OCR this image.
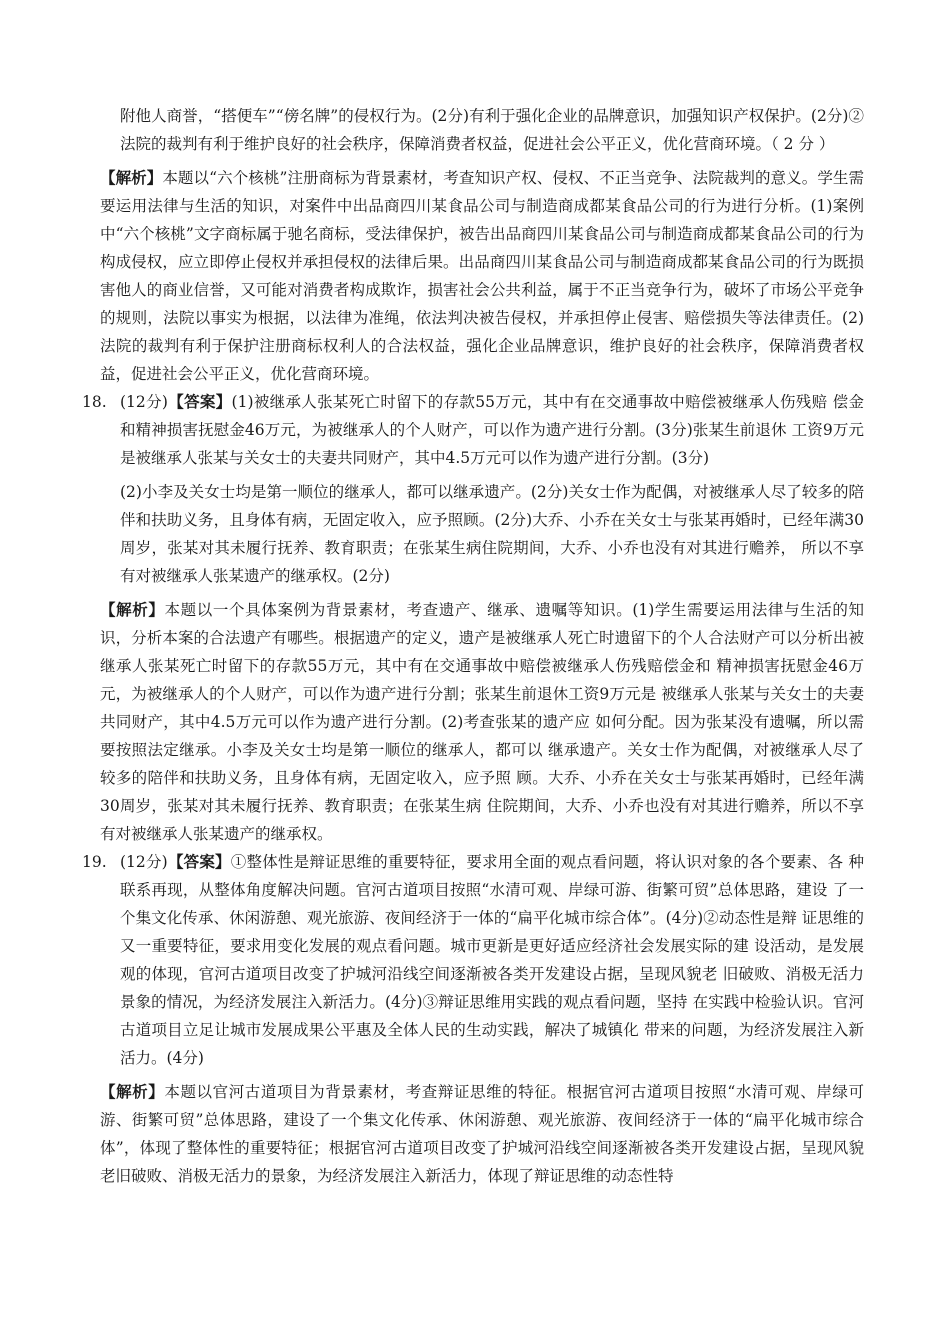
附他人商誉，“搭便车”“傍名牌”的侵权行为。(2分)有利于强化企业的品牌意识，加强知识产权保护。(2分)②法院的裁判有利于维护良好的社会秩序，保障消费者权益，促进社会公平正义，优化营商环境。（ 2 分 ）

【解析】本题以“六个核桃”注册商标为背景素材，考查知识产权、侵权、不正当竞争、法院裁判的意义。学生需要运用法律与生活的知识，对案件中出品商四川某食品公司与制造商成都某食品公司的行为进行分析。(1)案例中“六个核桃”文字商标属于驰名商标，受法律保护，被告出品商四川某食品公司与制造商成都某食品公司的行为构成侵权，应立即停止侵权并承担侵权的法律后果。出品商四川某食品公司与制造商成都某食品公司的行为既损害他人的商业信誉，又可能对消费者构成欺诈，损害社会公共利益，属于不正当竞争行为，破坏了市场公平竞争的规则，法院以事实为根据，以法律为准绳，依法判决被告侵权，并承担停止侵害、赔偿损失等法律责任。(2)法院的裁判有利于保护注册商标权利人的合法权益，强化企业品牌意识，维护良好的社会秩序，保障消费者权益，促进社会公平正义，优化营商环境。

18. (12分)【答案】(1)被继承人张某死亡时留下的存款55万元，其中有在交通事故中赔偿被继承人伤残赔 偿金和精神损害抚慰金46万元，为被继承人的个人财产，可以作为遗产进行分割。(3分)张某生前退休 工资9万元是被继承人张某与关女士的夫妻共同财产，其中4.5万元可以作为遗产进行分割。(3分)

(2)小李及关女士均是第一顺位的继承人，都可以继承遗产。(2分)关女士作为配偶，对被继承人尽了较多的陪伴和扶助义务，且身体有病，无固定收入，应予照顾。(2分)大乔、小乔在关女士与张某再婚时，已经年满30周岁，张某对其未履行抚养、教育职责；在张某生病住院期间，大乔、小乔也没有对其进行赡养， 所以不享有对被继承人张某遗产的继承权。(2分)

【解析】本题以一个具体案例为背景素材，考查遗产、继承、遗嘱等知识。(1)学生需要运用法律与生活的知识，分析本案的合法遗产有哪些。根据遗产的定义，遗产是被继承人死亡时遗留下的个人合法财产可以分析出被继承人张某死亡时留下的存款55万元，其中有在交通事故中赔偿被继承人伤残赔偿金和 精神损害抚慰金46万元，为被继承人的个人财产，可以作为遗产进行分割；张某生前退休工资9万元是 被继承人张某与关女士的夫妻共同财产，其中4.5万元可以作为遗产进行分割。(2)考查张某的遗产应 如何分配。因为张某没有遗嘱，所以需要按照法定继承。小李及关女士均是第一顺位的继承人，都可以 继承遗产。关女士作为配偶，对被继承人尽了较多的陪伴和扶助义务，且身体有病，无固定收入，应予照 顾。大乔、小乔在关女士与张某再婚时，已经年满30周岁，张某对其未履行抚养、教育职责；在张某生病 住院期间，大乔、小乔也没有对其进行赡养，所以不享有对被继承人张某遗产的继承权。

19. (12分)【答案】①整体性是辩证思维的重要特征，要求用全面的观点看问题，将认识对象的各个要素、各 种联系再现，从整体角度解决问题。官河古道项目按照“水清可观、岸绿可游、街繁可贸”总体思路，建设 了一个集文化传承、休闲游憩、观光旅游、夜间经济于一体的“扁平化城市综合体”。(4分)②动态性是辩 证思维的又一重要特征，要求用变化发展的观点看问题。城市更新是更好适应经济社会发展实际的建 设活动，是发展观的体现，官河古道项目改变了护城河沿线空间逐渐被各类开发建设占据，呈现风貌老 旧破败、消极无活力景象的情况，为经济发展注入新活力。(4分)③辩证思维用实践的观点看问题，坚持 在实践中检验认识。官河古道项目立足让城市发展成果公平惠及全体人民的生动实践，解决了城镇化 带来的问题，为经济发展注入新活力。(4分)

【解析】本题以官河古道项目为背景素材，考查辩证思维的特征。根据官河古道项目按照“水清可观、岸绿可游、街繁可贸”总体思路，建设了一个集文化传承、休闲游憩、观光旅游、夜间经济于一体的“扁平化城市综合体”，体现了整体性的重要特征；根据官河古道项目改变了护城河沿线空间逐渐被各类开发建设占据，呈现风貌老旧破败、消极无活力的景象，为经济发展注入新活力，体现了辩证思维的动态性特
